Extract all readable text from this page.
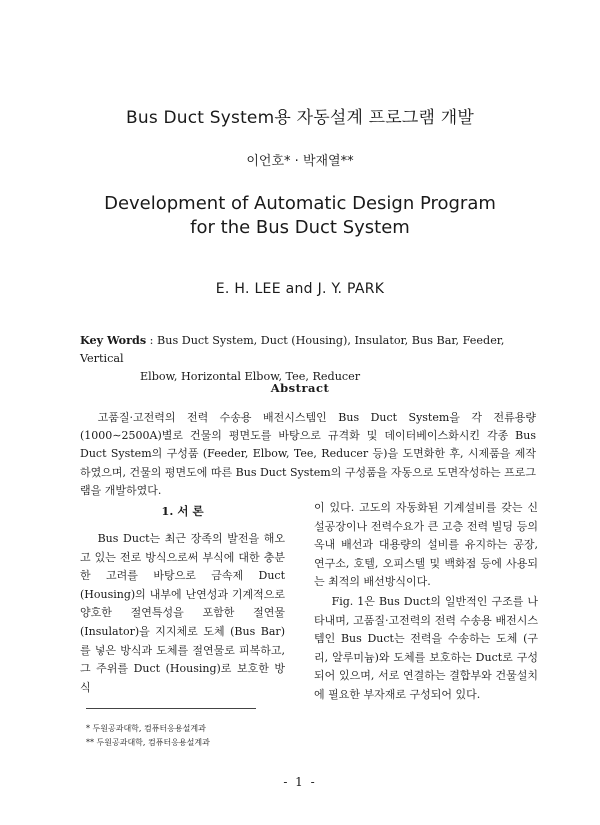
Bus Duct System용 자동설계 프로그램 개발
이언호* · 박재열**
Development of Automatic Design Program
for the Bus Duct System
E. H. LEE and J. Y. PARK
Key Words : Bus Duct System, Duct (Housing), Insulator, Bus Bar, Feeder, Vertical
Elbow, Horizontal Elbow, Tee, Reducer
Abstract
고품질·고전력의 전력 수송용 배전시스템인 Bus Duct System을 각 전류용량 (1000∼2500A)별로 건물의 평면도를 바탕으로 규격화 및 데이터베이스화시킨 각종 Bus Duct System의 구성품 (Feeder, Elbow, Tee, Reducer 등)을 도면화한 후, 시제품을 제작하였으며, 건물의 평면도에 따른 Bus Duct System의 구성품을 자동으로 도면작성하는 프로그램을 개발하였다.
1. 서 론

Bus Duct는 최근 장족의 발전을 해오고 있는 전로 방식으로써 부식에 대한 충분한 고려를 바탕으로 금속제 Duct (Housing)의 내부에 난연성과 기계적으로 양호한 절연특성을 포함한 절연물 (Insulator)을 지지체로 도체 (Bus Bar)를 넣은 방식과 도체를 절연물로 피복하고, 그 주위를 Duct (Housing)로 보호한 방식

이 있다. 고도의 자동화된 기계설비를 갖는 신설공장이나 전력수요가 큰 고층 전력 빌딩 등의 옥내 배선과 대용량의 설비를 유지하는 공장, 연구소, 호텔, 오피스텔 및 백화점 등에 사용되는 최적의 배선방식이다.

Fig. 1은 Bus Duct의 일반적인 구조를 나타내며, 고품질·고전력의 전력 수송용 배전시스템인 Bus Duct는 전력을 수송하는 도체 (구리, 알루미늄)와 도체를 보호하는 Duct로 구성되어 있으며, 서로 연결하는 결합부와 건물설치에 필요한 부자재로 구성되어 있다.

* 두원공과대학, 컴퓨터응용설계과
** 두원공과대학, 컴퓨터응용설계과
- 1 -
